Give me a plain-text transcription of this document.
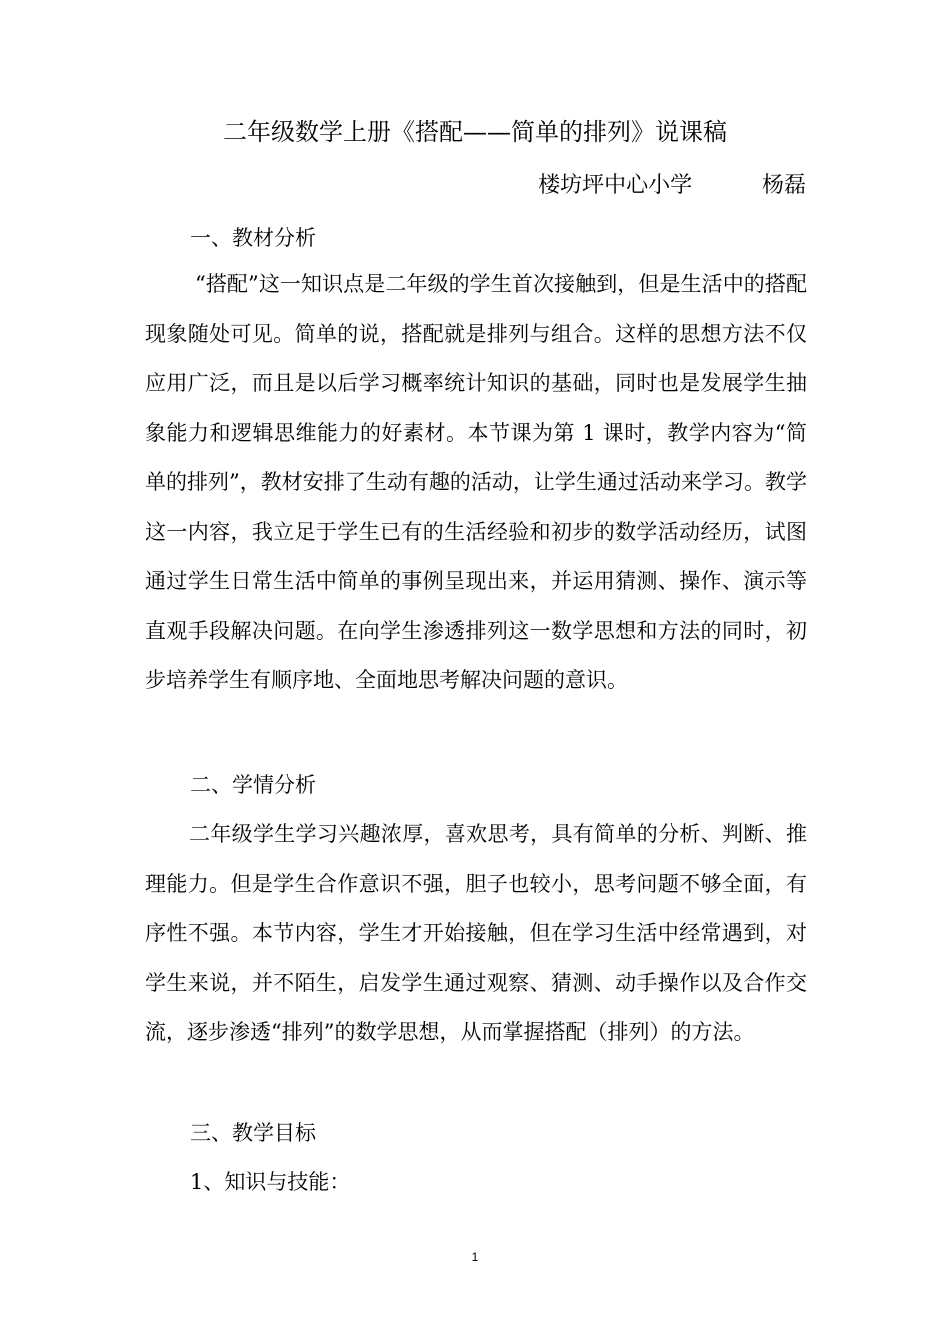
二年级数学上册《搭配——简单的排列》说课稿
楼坊坪中心小学          杨磊
一、教材分析
“搭配”这一知识点是二年级的学生首次接触到，但是生活中的搭配现象随处可见。简单的说，搭配就是排列与组合。这样的思想方法不仅应用广泛，而且是以后学习概率统计知识的基础，同时也是发展学生抽象能力和逻辑思维能力的好素材。本节课为第 1 课时，教学内容为“简单的排列”，教材安排了生动有趣的活动，让学生通过活动来学习。教学这一内容，我立足于学生已有的生活经验和初步的数学活动经历，试图通过学生日常生活中简单的事例呈现出来，并运用猜测、操作、演示等直观手段解决问题。在向学生渗透排列这一数学思想和方法的同时，初步培养学生有顺序地、全面地思考解决问题的意识。
二、学情分析
二年级学生学习兴趣浓厚，喜欢思考，具有简单的分析、判断、推理能力。但是学生合作意识不强，胆子也较小，思考问题不够全面，有序性不强。本节内容，学生才开始接触，但在学习生活中经常遇到，对学生来说，并不陌生，启发学生通过观察、猜测、动手操作以及合作交流，逐步渗透“排列”的数学思想，从而掌握搭配（排列）的方法。
三、教学目标
1、知识与技能：
1
